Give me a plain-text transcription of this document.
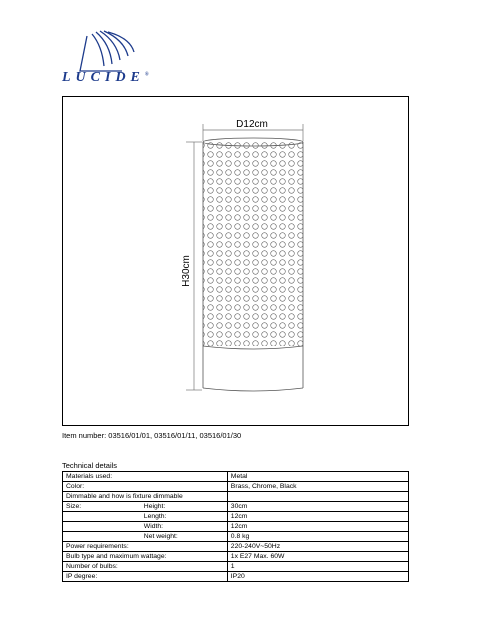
LUCIDE®
D12cm
H30cm
Item number: 03516/01/01, 03516/01/11, 03516/01/30
Technical details
Materials used:		Metal
Color:		Brass, Chrome, Black
Dimmable and how is fixture dimmable		
Size:	Height:	30cm
	Length:	12cm
	Width:	12cm
	Net weight:	0.8 kg
Power requirements:		220-240V~50Hz
Bulb type and maximum wattage:		1x E27 Max. 60W
Number of bulbs:		1
IP degree:		IP20
